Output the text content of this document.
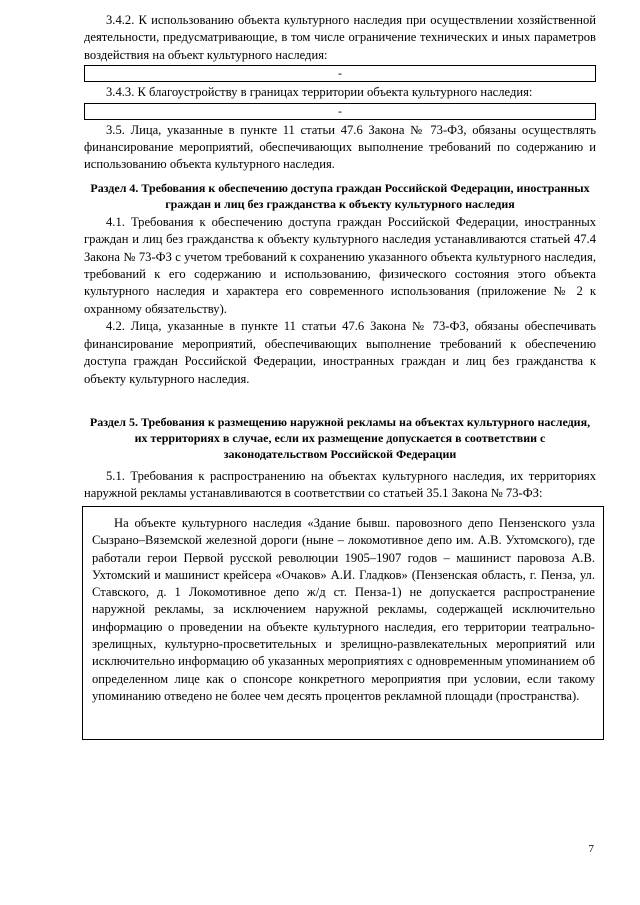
3.4.2. К использованию объекта культурного наследия при осуществлении хозяйственной деятельности, предусматривающие, в том числе ограничение технических и иных параметров воздействия на объект культурного наследия:

-

3.4.3. К благоустройству в границах территории объекта культурного наследия:

-

3.5. Лица, указанные в пункте 11 статьи 47.6 Закона № 73-ФЗ, обязаны осуществлять финансирование мероприятий, обеспечивающих выполнение требований по содержанию и использованию объекта культурного наследия.

Раздел 4. Требования к обеспечению доступа граждан Российской Федерации, иностранных граждан и лиц без гражданства к объекту культурного наследия

4.1. Требования к обеспечению доступа граждан Российской Федерации, иностранных граждан и лиц без гражданства к объекту культурного наследия устанавливаются статьей 47.4 Закона № 73-ФЗ с учетом требований к сохранению указанного объекта культурного наследия, требований к его содержанию и использованию, физического состояния этого объекта культурного наследия и характера его современного использования (приложение № 2 к охранному обязательству).

4.2. Лица, указанные в пункте 11 статьи 47.6 Закона № 73-ФЗ, обязаны обеспечивать финансирование мероприятий, обеспечивающих выполнение требований к обеспечению доступа граждан Российской Федерации, иностранных граждан и лиц без гражданства к объекту культурного наследия.

Раздел 5. Требования к размещению наружной рекламы на объектах культурного наследия, их территориях в случае, если их размещение допускается в соответствии с законодательством Российской Федерации

5.1. Требования к распространению на объектах культурного наследия, их территориях наружной рекламы устанавливаются в соответствии со статьей 35.1 Закона № 73-ФЗ:

На объекте культурного наследия «Здание бывш. паровозного депо Пензенского узла Сызрано–Вяземской железной дороги (ныне – локомотивное депо им. А.В. Ухтомского), где работали герои Первой русской революции 1905–1907 годов – машинист паровоза А.В. Ухтомский и машинист крейсера «Очаков» А.И. Гладков» (Пензенская область, г. Пенза, ул. Ставского, д. 1 Локомотивное депо ж/д ст. Пенза-1) не допускается распространение наружной рекламы, за исключением наружной рекламы, содержащей исключительно информацию о проведении на объекте культурного наследия, его территории театрально-зрелищных, культурно-просветительных и зрелищно-развлекательных мероприятий или исключительно информацию об указанных мероприятиях с одновременным упоминанием об определенном лице как о спонсоре конкретного мероприятия при условии, если такому упоминанию отведено не более чем десять процентов рекламной площади (пространства).

7
